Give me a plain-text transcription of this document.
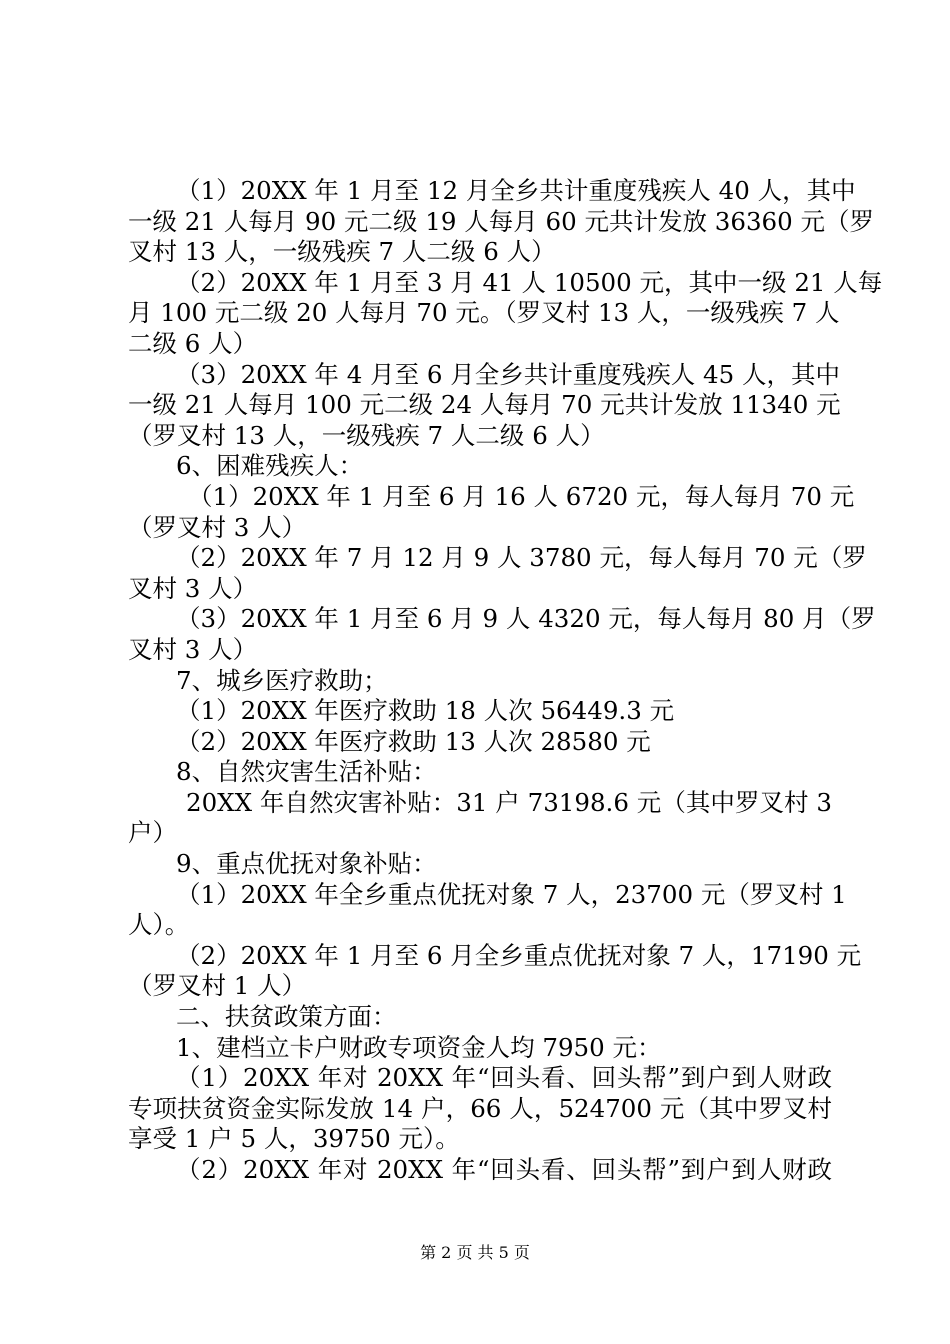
（1）20XX 年 1 月至 12 月全乡共计重度残疾人 40 人，其中
一级 21 人每月 90 元二级 19 人每月 60 元共计发放 36360 元（罗
叉村 13 人，一级残疾 7 人二级 6 人）
（2）20XX 年 1 月至 3 月 41 人 10500 元，其中一级 21 人每
月 100 元二级 20 人每月 70 元。（罗叉村 13 人，一级残疾 7 人
二级 6 人）
（3）20XX 年 4 月至 6 月全乡共计重度残疾人 45 人，其中
一级 21 人每月 100 元二级 24 人每月 70 元共计发放 11340 元
（罗叉村 13 人，一级残疾 7 人二级 6 人）
6、困难残疾人：
（1）20XX 年 1 月至 6 月 16 人 6720 元，每人每月 70 元
（罗叉村 3 人）
（2）20XX 年 7 月 12 月 9 人 3780 元，每人每月 70 元（罗
叉村 3 人）
（3）20XX 年 1 月至 6 月 9 人 4320 元，每人每月 80 月（罗
叉村 3 人）
7、城乡医疗救助；
（1）20XX 年医疗救助 18 人次 56449.3 元
（2）20XX 年医疗救助 13 人次 28580 元
8、自然灾害生活补贴：
20XX 年自然灾害补贴：31 户 73198.6 元（其中罗叉村 3
户）
9、重点优抚对象补贴：
（1）20XX 年全乡重点优抚对象 7 人，23700 元（罗叉村 1
人）。
（2）20XX 年 1 月至 6 月全乡重点优抚对象 7 人，17190 元
（罗叉村 1 人）
二、扶贫政策方面：
1、建档立卡户财政专项资金人均 7950 元：
（1）20XX 年对 20XX 年“回头看、回头帮”到户到人财政
专项扶贫资金实际发放 14 户，66 人，524700 元（其中罗叉村
享受 1 户 5 人，39750 元）。
（2）20XX 年对 20XX 年“回头看、回头帮”到户到人财政
第 2 页 共 5 页
